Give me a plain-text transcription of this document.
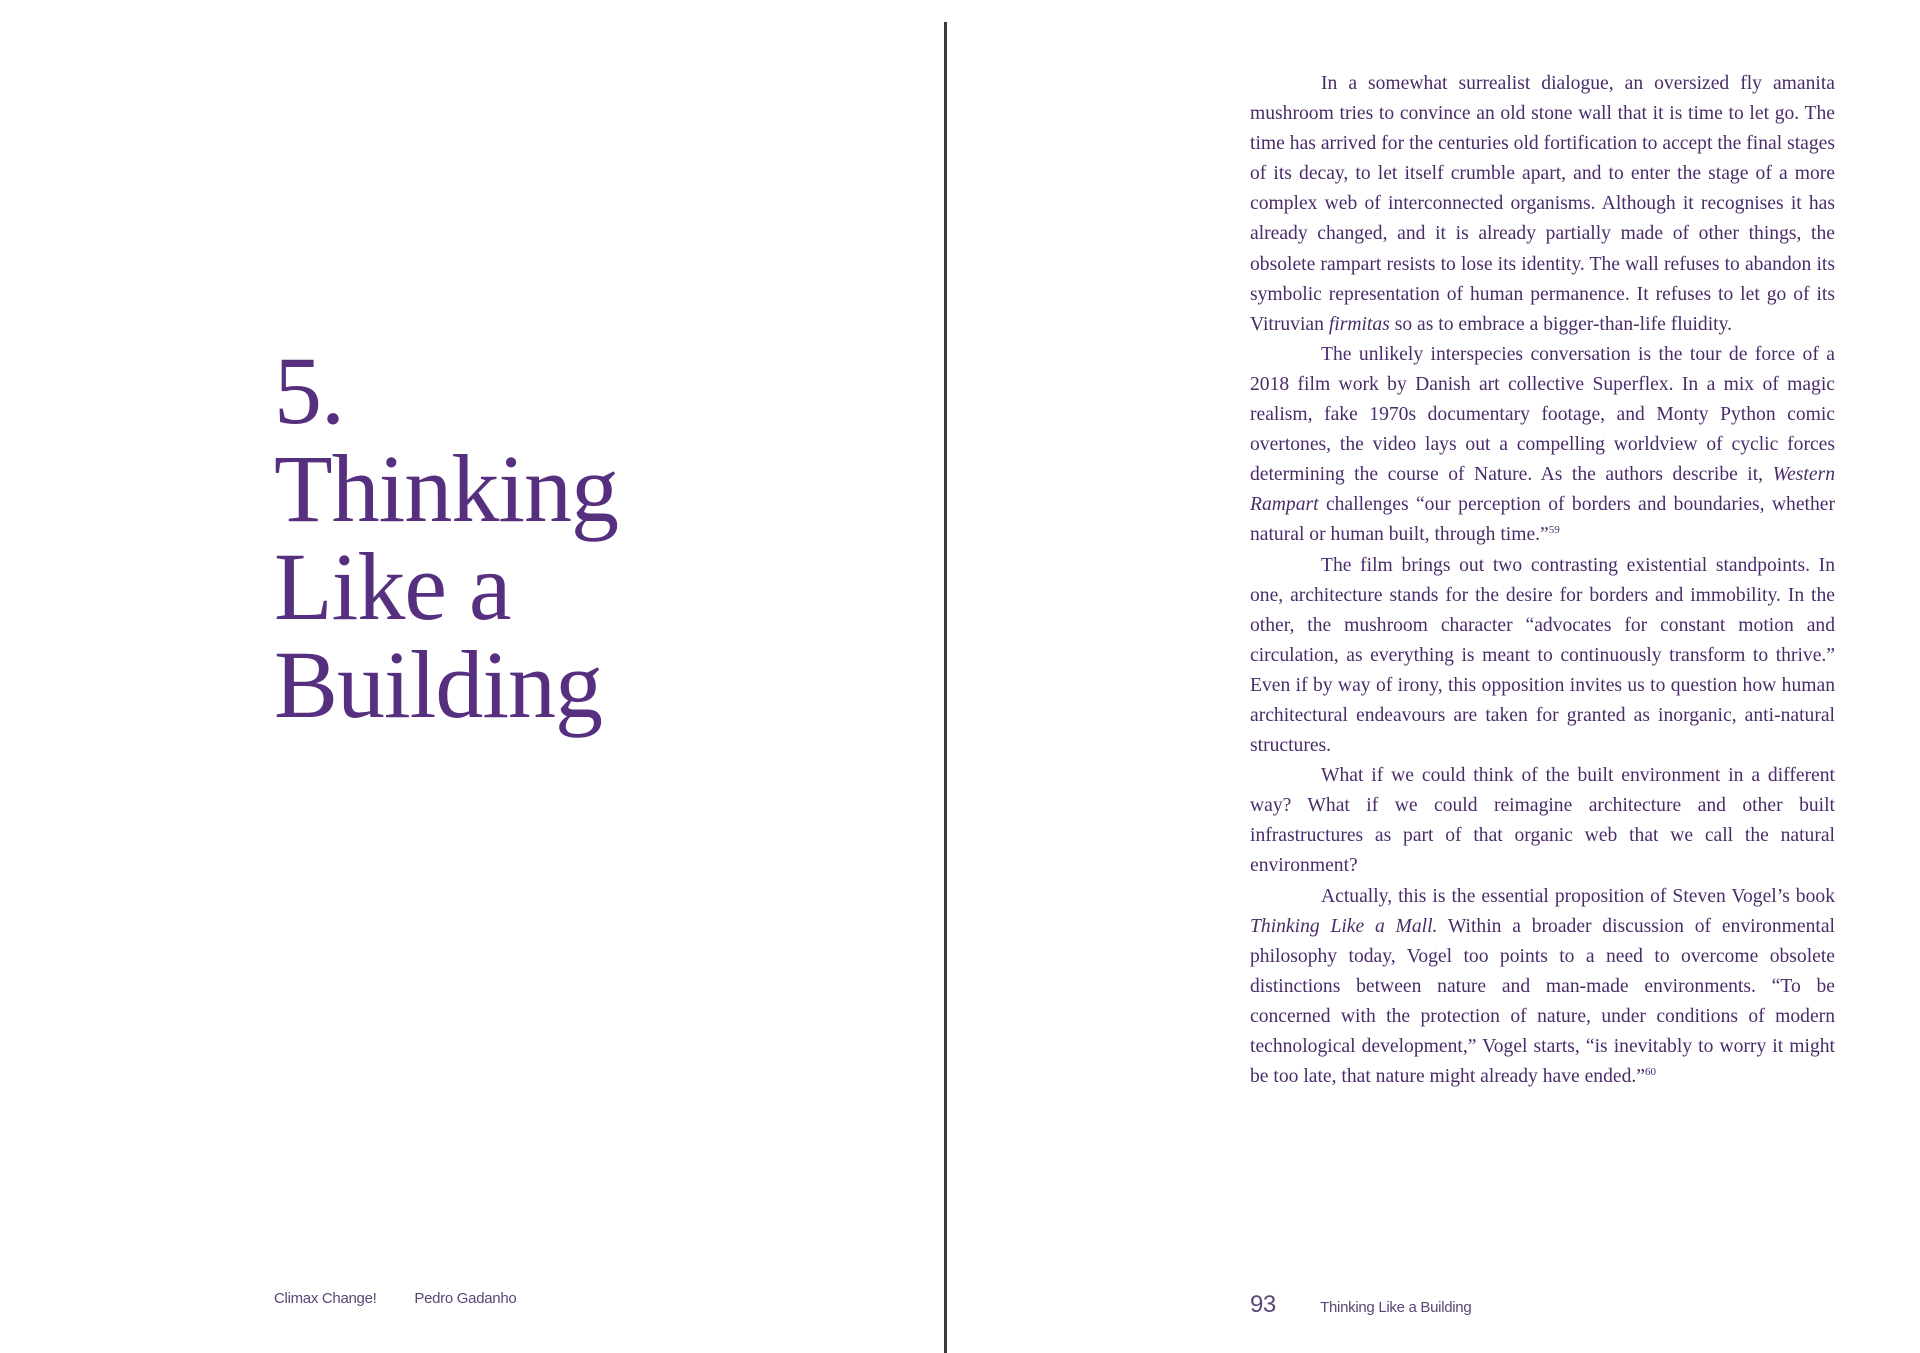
5.
Thinking
Like a
Building
Climax Change!	Pedro Gadanho

In a somewhat surrealist dialogue, an oversized fly amanita mushroom tries to convince an old stone wall that it is time to let go. The time has arrived for the centuries old fortification to accept the final stages of its decay, to let itself crumble apart, and to enter the stage of a more complex web of interconnected organisms. Although it recognises it has already changed, and it is already partially made of other things, the obsolete rampart resists to lose its identity. The wall refuses to abandon its symbolic representation of human permanence. It refuses to let go of its Vitruvian firmitas so as to embrace a bigger-than-life fluidity.

The unlikely interspecies conversation is the tour de force of a 2018 film work by Danish art collective Superflex. In a mix of magic realism, fake 1970s documentary footage, and Monty Python comic overtones, the video lays out a compelling worldview of cyclic forces determining the course of Nature. As the authors describe it, Western Rampart challenges “our perception of borders and boundaries, whether natural or human built, through time.”$^{59}$

The film brings out two contrasting existential standpoints. In one, architecture stands for the desire for borders and immobility. In the other, the mushroom character “advocates for constant motion and circulation, as everything is meant to continuously transform to thrive.” Even if by way of irony, this opposition invites us to question how human architectural endeavours are taken for granted as inorganic, anti-natural structures.

What if we could think of the built environment in a different way? What if we could reimagine architecture and other built infrastructures as part of that organic web that we call the natural environment?

Actually, this is the essential proposition of Steven Vogel’s book Thinking Like a Mall. Within a broader discussion of environmental philosophy today, Vogel too points to a need to overcome obsolete distinctions between nature and man-made environments. “To be concerned with the protection of nature, under conditions of modern technological development,” Vogel starts, “is inevitably to worry it might be too late, that nature might already have ended.”$^{60}$

93	Thinking Like a Building
